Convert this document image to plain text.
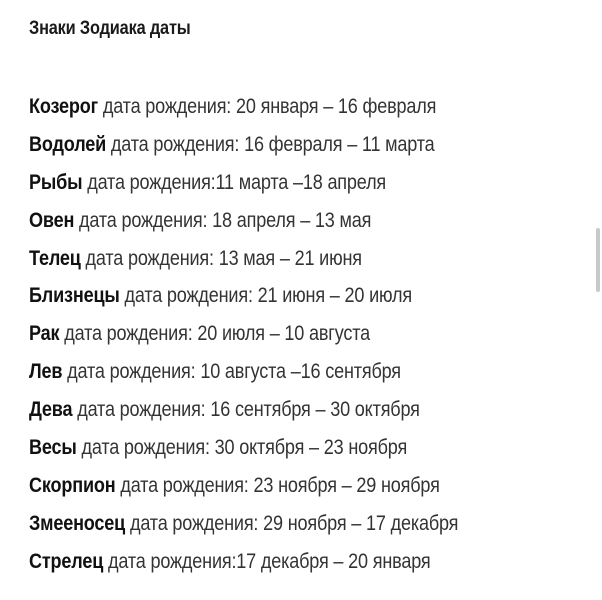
Знаки Зодиака даты
Козерог дата рождения: 20 января – 16 февраля
Водолей дата рождения: 16 февраля – 11 марта
Рыбы дата рождения:11 марта –18 апреля
Овен дата рождения: 18 апреля – 13 мая
Телец дата рождения: 13 мая – 21 июня
Близнецы дата рождения: 21 июня – 20 июля
Рак дата рождения: 20 июля – 10 августа
Лев дата рождения: 10 августа –16 сентября
Дева дата рождения: 16 сентября – 30 октября
Весы дата рождения: 30 октября – 23 ноября
Скорпион дата рождения: 23 ноября – 29 ноября
Змееносец дата рождения: 29 ноября – 17 декабря
Стрелец дата рождения:17 декабря – 20 января
